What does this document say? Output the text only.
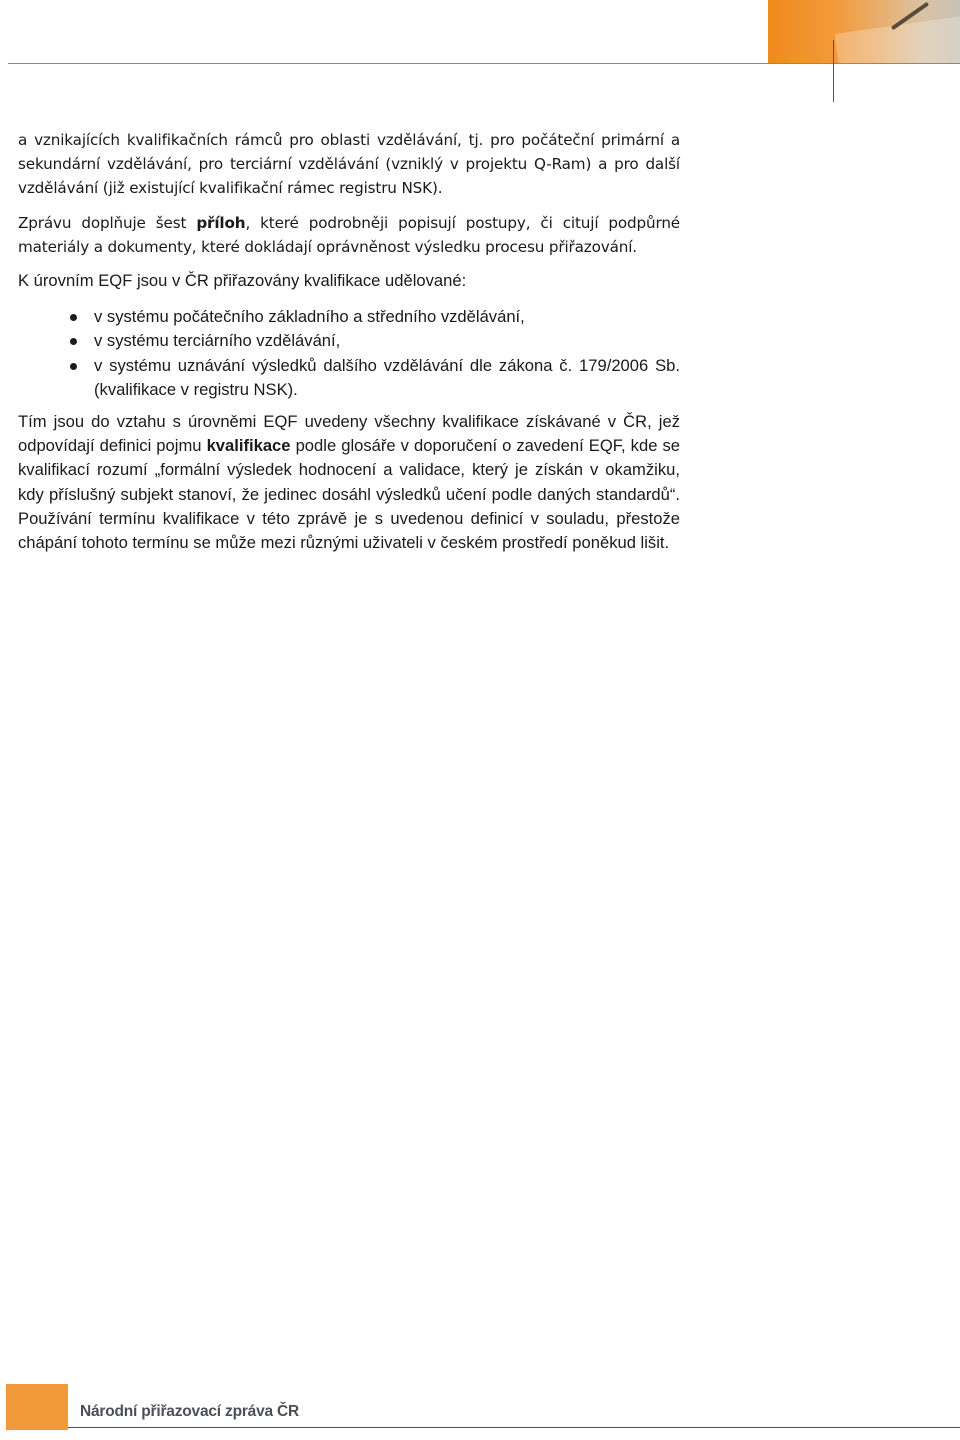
a vznikajících kvalifikačních rámců pro oblasti vzdělávání, tj. pro počáteční primární a sekundární vzdělávání, pro terciární vzdělávání (vzniklý v projektu Q-Ram) a pro další vzdělávání (již existující kvalifikační rámec registru NSK).

Zprávu doplňuje šest příloh, které podrobněji popisují postupy, či citují podpůrné materiály a dokumenty, které dokládají oprávněnost výsledku procesu přiřazování.

K úrovním EQF jsou v ČR přiřazovány kvalifikace udělované:

v systému počátečního základního a středního vzdělávání,
v systému terciárního vzdělávání,
v systému uznávání výsledků dalšího vzdělávání dle zákona č. 179/2006 Sb. (kvalifikace v registru NSK).

Tím jsou do vztahu s úrovněmi EQF uvedeny všechny kvalifikace získávané v ČR, jež odpovídají definici pojmu kvalifikace podle glosáře v doporučení o zavedení EQF, kde se kvalifikací rozumí „formální výsledek hodnocení a validace, který je získán v okamžiku, kdy příslušný subjekt stanoví, že jedinec dosáhl výsledků učení podle daných standardů“. Používání termínu kvalifikace v této zprávě je s uvedenou definicí v souladu, přestože chápání tohoto termínu se může mezi různými uživateli v českém prostředí poněkud lišit.

Národní přiřazovací zpráva ČR
